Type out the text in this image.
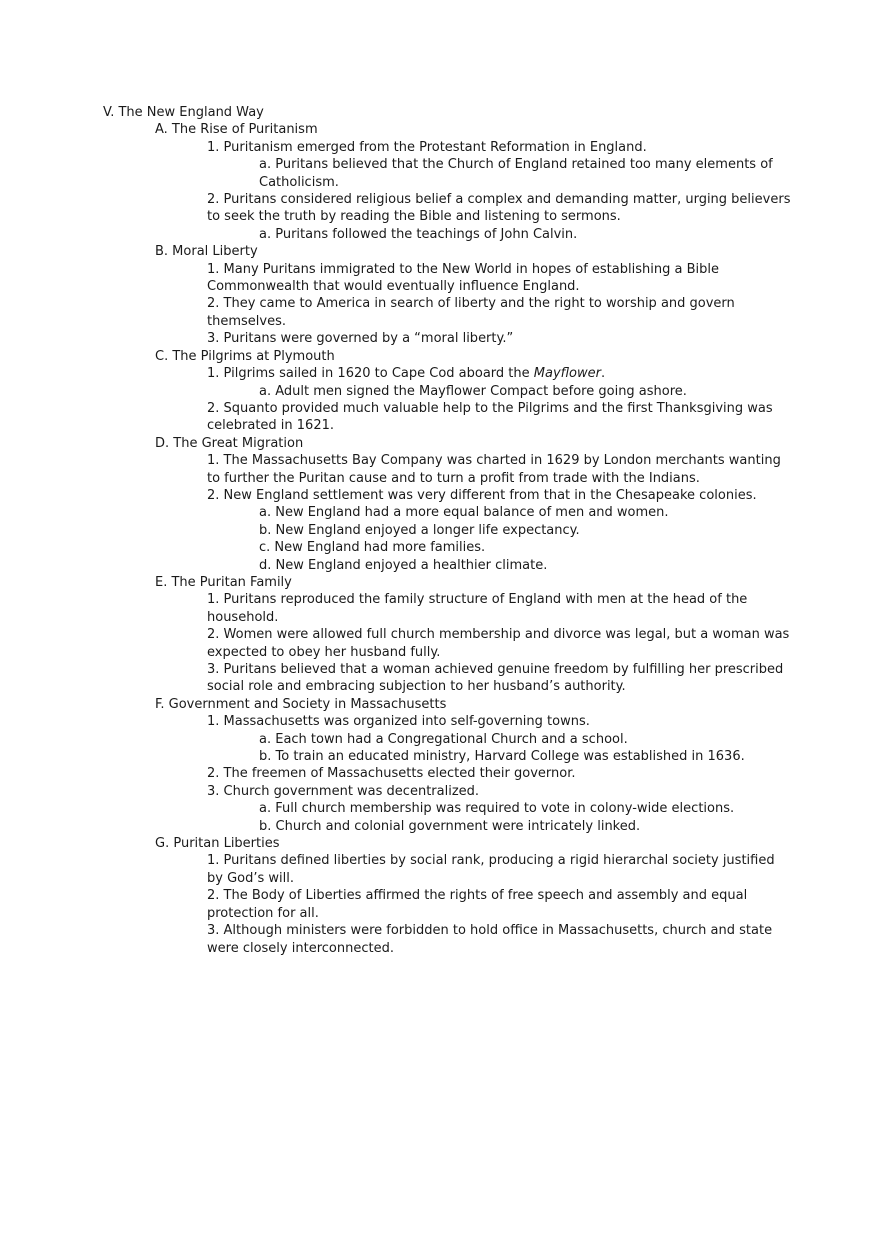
V. The New England Way
A. The Rise of Puritanism
1. Puritanism emerged from the Protestant Reformation in England.
a. Puritans believed that the Church of England retained too many elements of
Catholicism.
2. Puritans considered religious belief a complex and demanding matter, urging believers
to seek the truth by reading the Bible and listening to sermons.
a. Puritans followed the teachings of John Calvin.
B. Moral Liberty
1. Many Puritans immigrated to the New World in hopes of establishing a Bible
Commonwealth that would eventually influence England.
2. They came to America in search of liberty and the right to worship and govern
themselves.
3. Puritans were governed by a “moral liberty.”
C. The Pilgrims at Plymouth
1. Pilgrims sailed in 1620 to Cape Cod aboard the Mayflower.
a. Adult men signed the Mayflower Compact before going ashore.
2. Squanto provided much valuable help to the Pilgrims and the first Thanksgiving was
celebrated in 1621.
D. The Great Migration
1. The Massachusetts Bay Company was charted in 1629 by London merchants wanting
to further the Puritan cause and to turn a profit from trade with the Indians.
2. New England settlement was very different from that in the Chesapeake colonies.
a. New England had a more equal balance of men and women.
b. New England enjoyed a longer life expectancy.
c. New England had more families.
d. New England enjoyed a healthier climate.
E. The Puritan Family
1. Puritans reproduced the family structure of England with men at the head of the
household.
2. Women were allowed full church membership and divorce was legal, but a woman was
expected to obey her husband fully.
3. Puritans believed that a woman achieved genuine freedom by fulfilling her prescribed
social role and embracing subjection to her husband’s authority.
F. Government and Society in Massachusetts
1. Massachusetts was organized into self-governing towns.
a. Each town had a Congregational Church and a school.
b. To train an educated ministry, Harvard College was established in 1636.
2. The freemen of Massachusetts elected their governor.
3. Church government was decentralized.
a. Full church membership was required to vote in colony-wide elections.
b. Church and colonial government were intricately linked.
G. Puritan Liberties
1. Puritans defined liberties by social rank, producing a rigid hierarchal society justified
by God’s will.
2. The Body of Liberties affirmed the rights of free speech and assembly and equal
protection for all.
3. Although ministers were forbidden to hold office in Massachusetts, church and state
were closely interconnected.
